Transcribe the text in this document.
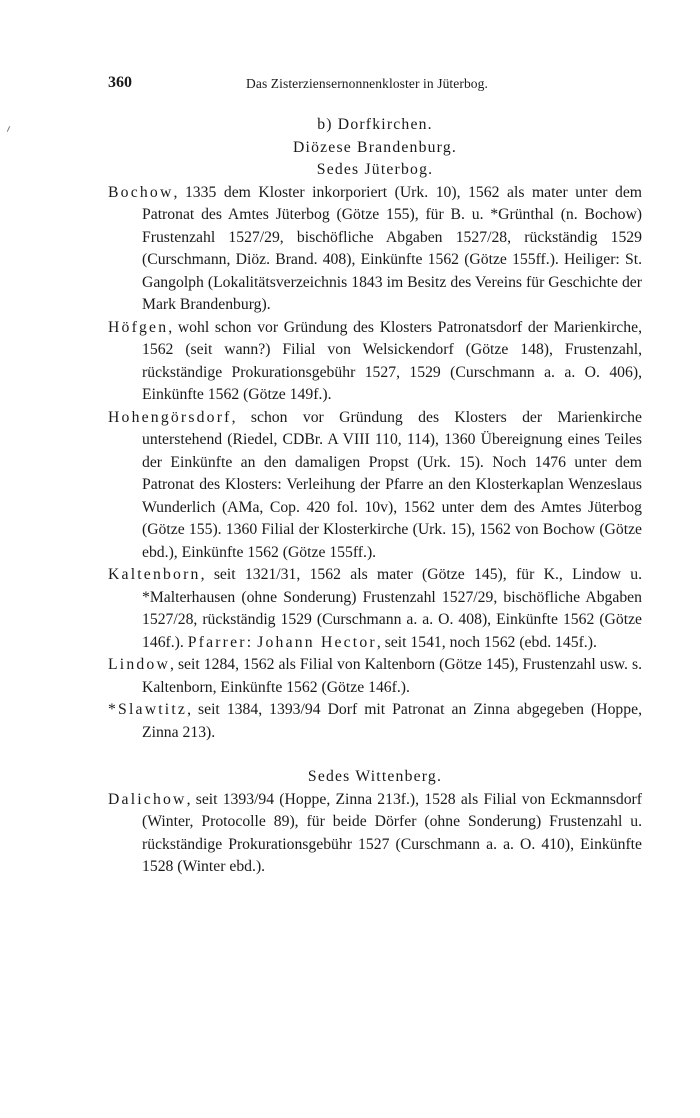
360	Das Zisterziensernonnenkloster in Jüterbog.
b) Dorfkirchen.
Diözese Brandenburg.
Sedes Jüterbog.

Bochow, 1335 dem Kloster inkorporiert (Urk. 10), 1562 als mater unter dem Patronat des Amtes Jüterbog (Götze 155), für B. u. *Grünthal (n. Bochow) Frustenzahl 1527/29, bischöfliche Abgaben 1527/28, rückständig 1529 (Curschmann, Diöz. Brand. 408), Einkünfte 1562 (Götze 155ff.). Heiliger: St. Gangolph (Lokalitätsverzeichnis 1843 im Besitz des Vereins für Geschichte der Mark Brandenburg).

Höfgen, wohl schon vor Gründung des Klosters Patronatsdorf der Marienkirche, 1562 (seit wann?) Filial von Welsickendorf (Götze 148), Frustenzahl, rückständige Prokurationsgebühr 1527, 1529 (Curschmann a. a. O. 406), Einkünfte 1562 (Götze 149f.).

Hohengörsdorf, schon vor Gründung des Klosters der Marienkirche unterstehend (Riedel, CDBr. A VIII 110, 114), 1360 Übereignung eines Teiles der Einkünfte an den damaligen Propst (Urk. 15). Noch 1476 unter dem Patronat des Klosters: Verleihung der Pfarre an den Klosterkaplan Wenzeslaus Wunderlich (AMa, Cop. 420 fol. 10v), 1562 unter dem des Amtes Jüterbog (Götze 155). 1360 Filial der Klosterkirche (Urk. 15), 1562 von Bochow (Götze ebd.), Einkünfte 1562 (Götze 155ff.).

Kaltenborn, seit 1321/31, 1562 als mater (Götze 145), für K., Lindow u. *Malterhausen (ohne Sonderung) Frustenzahl 1527/29, bischöfliche Abgaben 1527/28, rückständig 1529 (Curschmann a. a. O. 408), Einkünfte 1562 (Götze 146f.). Pfarrer: Johann Hector, seit 1541, noch 1562 (ebd. 145f.).

Lindow, seit 1284, 1562 als Filial von Kaltenborn (Götze 145), Frustenzahl usw. s. Kaltenborn, Einkünfte 1562 (Götze 146f.).

*Slawtitz, seit 1384, 1393/94 Dorf mit Patronat an Zinna abgegeben (Hoppe, Zinna 213).

Sedes Wittenberg.

Dalichow, seit 1393/94 (Hoppe, Zinna 213f.), 1528 als Filial von Eckmannsdorf (Winter, Protocolle 89), für beide Dörfer (ohne Sonderung) Frustenzahl u. rückständige Prokurationsgebühr 1527 (Curschmann a. a. O. 410), Einkünfte 1528 (Winter ebd.).
